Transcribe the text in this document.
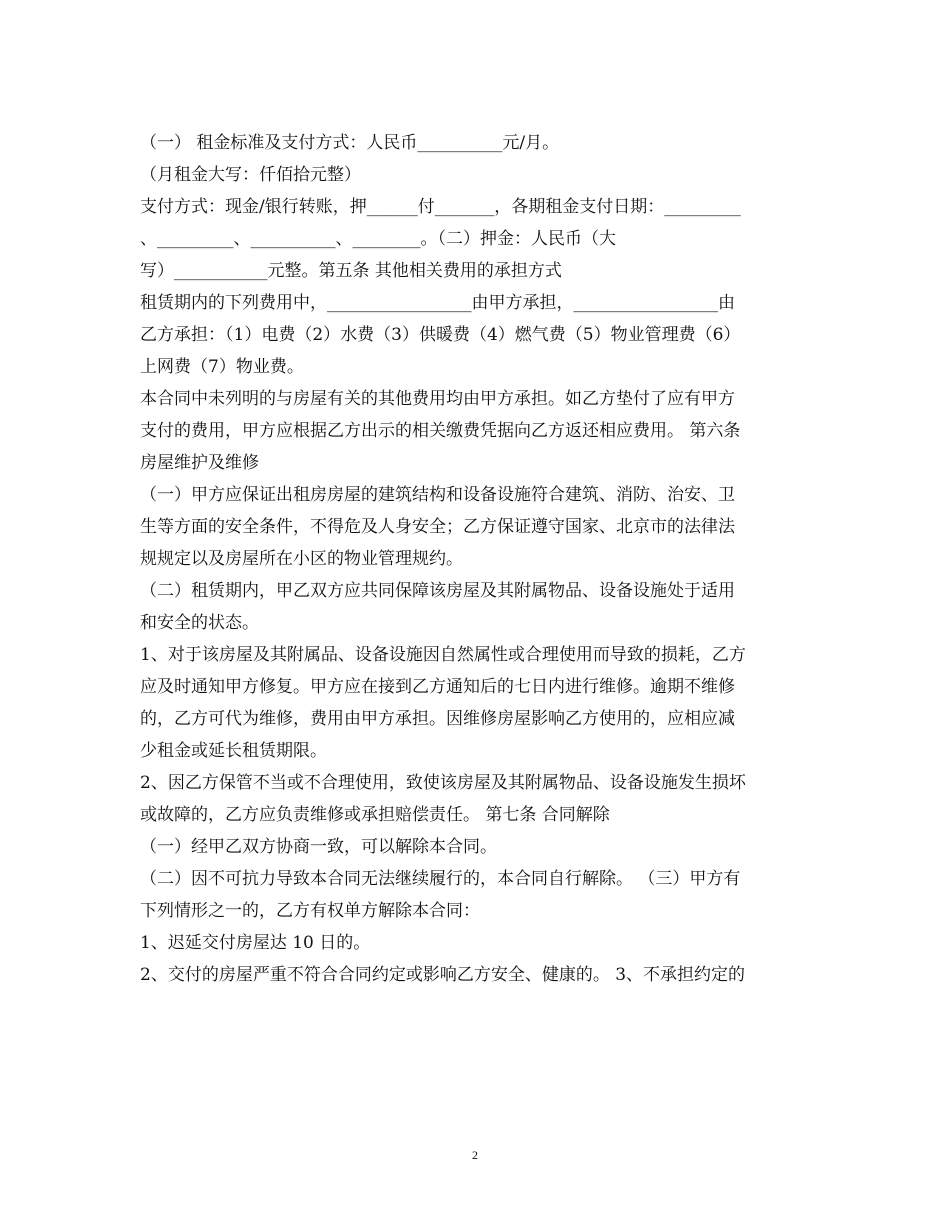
（一） 租金标准及支付方式：人民币__________元/月。
（月租金大写：仟佰拾元整）
支付方式：现金/银行转账，押______付_______，各期租金支付日期：_________
、_________、__________、________。（二）押金：人民币（大
写）___________元整。第五条 其他相关费用的承担方式
租赁期内的下列费用中，_________________由甲方承担，_________________由
乙方承担：（1）电费（2）水费（3）供暖费（4）燃气费（5）物业管理费（6）
上网费（7）物业费。
本合同中未列明的与房屋有关的其他费用均由甲方承担。如乙方垫付了应有甲方
支付的费用，甲方应根据乙方出示的相关缴费凭据向乙方返还相应费用。 第六条
房屋维护及维修
（一）甲方应保证出租房房屋的建筑结构和设备设施符合建筑、消防、治安、卫
生等方面的安全条件，不得危及人身安全；乙方保证遵守国家、北京市的法律法
规规定以及房屋所在小区的物业管理规约。
（二）租赁期内，甲乙双方应共同保障该房屋及其附属物品、设备设施处于适用
和安全的状态。
1、对于该房屋及其附属品、设备设施因自然属性或合理使用而导致的损耗，乙方
应及时通知甲方修复。甲方应在接到乙方通知后的七日内进行维修。逾期不维修
的，乙方可代为维修，费用由甲方承担。因维修房屋影响乙方使用的，应相应减
少租金或延长租赁期限。
2、因乙方保管不当或不合理使用，致使该房屋及其附属物品、设备设施发生损坏
或故障的，乙方应负责维修或承担赔偿责任。 第七条 合同解除
（一）经甲乙双方协商一致，可以解除本合同。
（二）因不可抗力导致本合同无法继续履行的，本合同自行解除。 （三）甲方有
下列情形之一的，乙方有权单方解除本合同：
1、迟延交付房屋达 10 日的。
2、交付的房屋严重不符合合同约定或影响乙方安全、健康的。 3、不承担约定的
2
